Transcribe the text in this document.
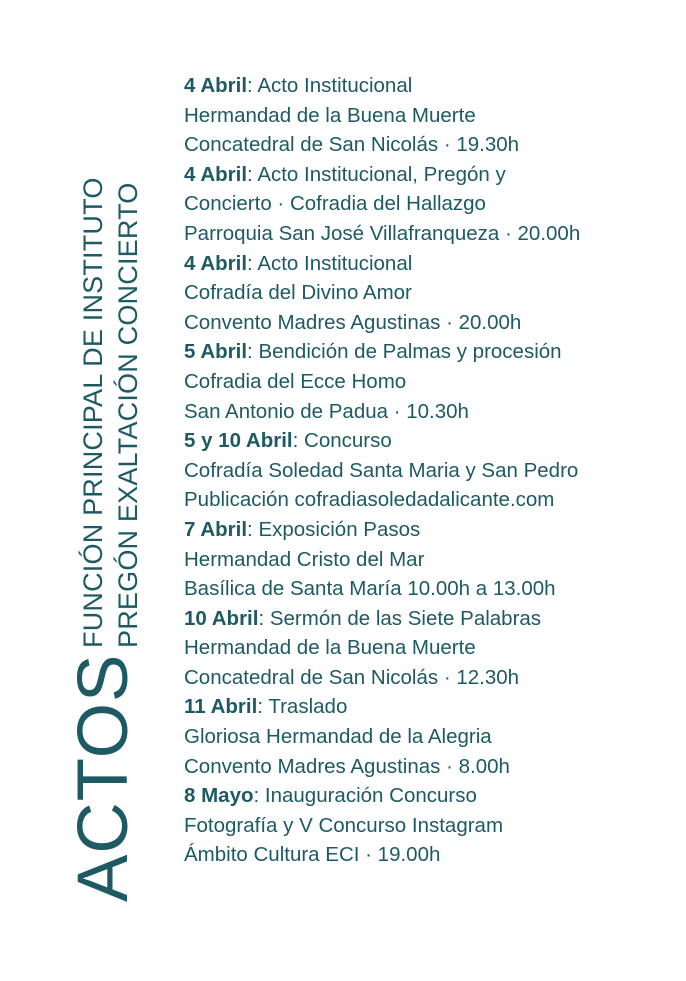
ACTOS
FUNCIÓN PRINCIPAL DE INSTITUTO PREGÓN EXALTACIÓN CONCIERTO
4 Abril: Acto Institucional
Hermandad de la Buena Muerte
Concatedral de San Nicolás · 19.30h
4 Abril: Acto Institucional, Pregón y
Concierto · Cofradia del Hallazgo
Parroquia San José Villafranqueza · 20.00h
4 Abril: Acto Institucional
Cofradía del Divino Amor
Convento Madres Agustinas · 20.00h
5 Abril: Bendición de Palmas y procesión
Cofradia del Ecce Homo
San Antonio de Padua · 10.30h
5 y 10 Abril: Concurso
Cofradía Soledad Santa Maria y San Pedro
Publicación cofradiasoledadalicante.com
7 Abril: Exposición Pasos
Hermandad Cristo del Mar
Basílica de Santa María 10.00h a 13.00h
10 Abril: Sermón de las Siete Palabras
Hermandad de la Buena Muerte
Concatedral de San Nicolás · 12.30h
11 Abril: Traslado
Gloriosa Hermandad de la Alegria
Convento Madres Agustinas · 8.00h
8 Mayo: Inauguración Concurso
Fotografía y V Concurso Instagram
Ámbito Cultura ECI · 19.00h
